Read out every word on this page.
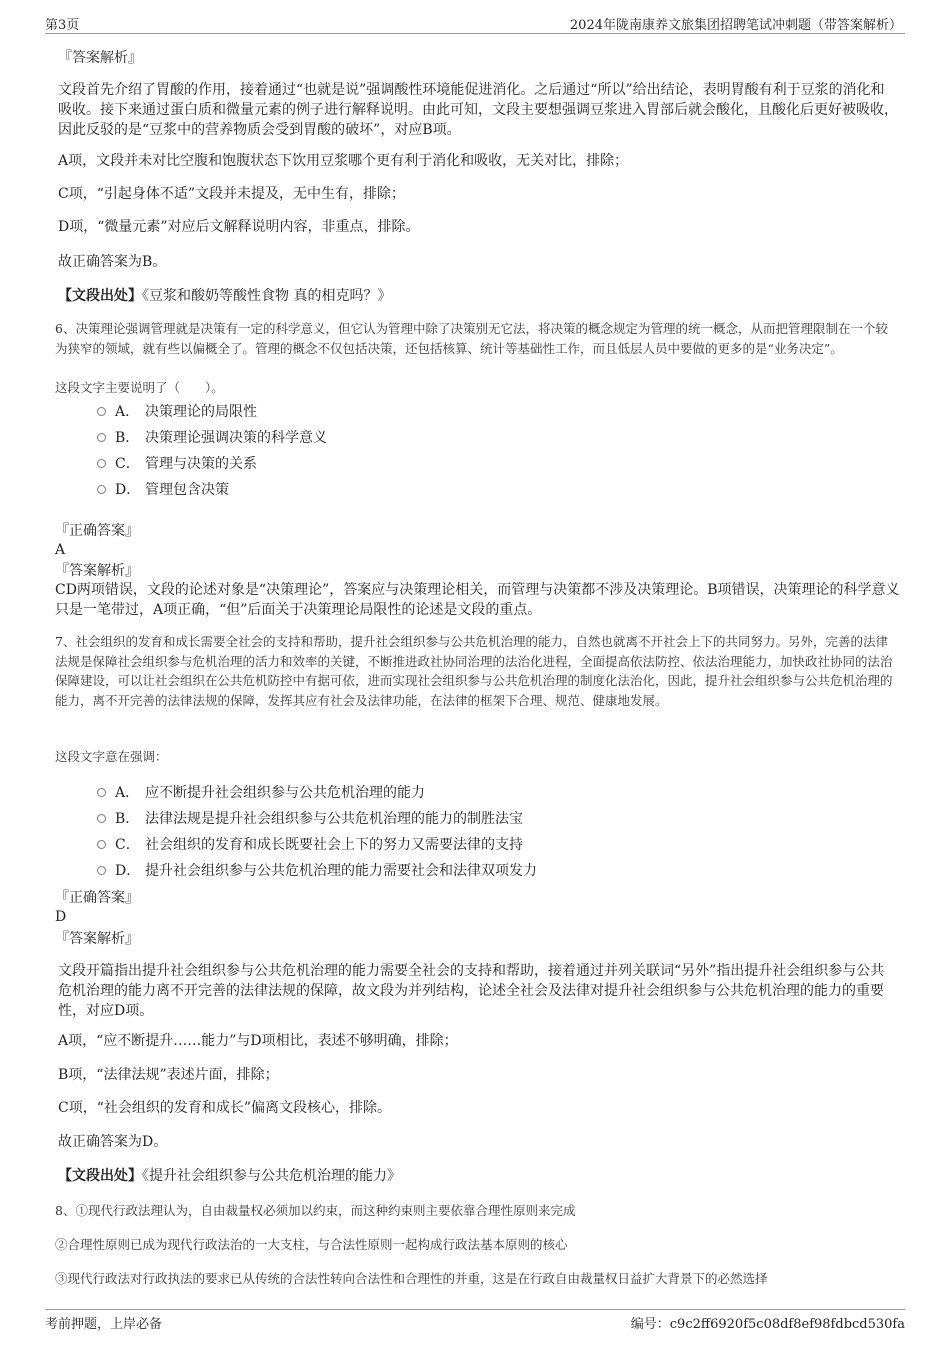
第3页	2024年陇南康养文旅集团招聘笔试冲刺题（带答案解析）

『答案解析』

文段首先介绍了胃酸的作用，接着通过“也就是说”强调酸性环境能促进消化。之后通过“所以”给出结论，表明胃酸有利于豆浆的消化和吸收。接下来通过蛋白质和微量元素的例子进行解释说明。由此可知，文段主要想强调豆浆进入胃部后就会酸化，且酸化后更好被吸收，因此反驳的是“豆浆中的营养物质会受到胃酸的破坏”，对应B项。

A项，文段并未对比空腹和饱腹状态下饮用豆浆哪个更有利于消化和吸收，无关对比，排除；

C项，“引起身体不适”文段并未提及，无中生有，排除；

D项，“微量元素”对应后文解释说明内容，非重点，排除。

故正确答案为B。

【文段出处】《豆浆和酸奶等酸性食物 真的相克吗？》

6、决策理论强调管理就是决策有一定的科学意义，但它认为管理中除了决策别无它法，将决策的概念规定为管理的统一概念，从而把管理限制在一个较为狭窄的领域，就有些以偏概全了。管理的概念不仅包括决策，还包括核算、统计等基础性工作，而且低层人员中要做的更多的是“业务决定”。

这段文字主要说明了（　　）。

A． 决策理论的局限性
B． 决策理论强调决策的科学意义
C． 管理与决策的关系
D． 管理包含决策

『正确答案』

A

『答案解析』

CD两项错误，文段的论述对象是“决策理论”，答案应与决策理论相关，而管理与决策都不涉及决策理论。B项错误，决策理论的科学意义只是一笔带过，A项正确，“但”后面关于决策理论局限性的论述是文段的重点。

7、社会组织的发育和成长需要全社会的支持和帮助，提升社会组织参与公共危机治理的能力，自然也就离不开社会上下的共同努力。另外，完善的法律法规是保障社会组织参与危机治理的活力和效率的关键，不断推进政社协同治理的法治化进程，全面提高依法防控、依法治理能力，加快政社协同的法治保障建设，可以让社会组织在公共危机防控中有据可依，进而实现社会组织参与公共危机治理的制度化法治化，因此，提升社会组织参与公共危机治理的能力，离不开完善的法律法规的保障，发挥其应有社会及法律功能，在法律的框架下合理、规范、健康地发展。

这段文字意在强调：

A． 应不断提升社会组织参与公共危机治理的能力
B． 法律法规是提升社会组织参与公共危机治理的能力的制胜法宝
C． 社会组织的发育和成长既要社会上下的努力又需要法律的支持
D． 提升社会组织参与公共危机治理的能力需要社会和法律双项发力

『正确答案』

D

『答案解析』

文段开篇指出提升社会组织参与公共危机治理的能力需要全社会的支持和帮助，接着通过并列关联词“另外”指出提升社会组织参与公共危机治理的能力离不开完善的法律法规的保障，故文段为并列结构，论述全社会及法律对提升社会组织参与公共危机治理的能力的重要性，对应D项。

A项，“应不断提升……能力”与D项相比，表述不够明确，排除；

B项，“法律法规”表述片面，排除；

C项，“社会组织的发育和成长”偏离文段核心，排除。

故正确答案为D。

【文段出处】《提升社会组织参与公共危机治理的能力》

8、①现代行政法理认为，自由裁量权必须加以约束，而这种约束则主要依靠合理性原则来完成

②合理性原则已成为现代行政法治的一大支柱，与合法性原则一起构成行政法基本原则的核心

③现代行政法对行政执法的要求已从传统的合法性转向合法性和合理性的并重，这是在行政自由裁量权日益扩大背景下的必然选择

考前押题，上岸必备	编号：c9c2ff6920f5c08df8ef98fdbcd530fa
